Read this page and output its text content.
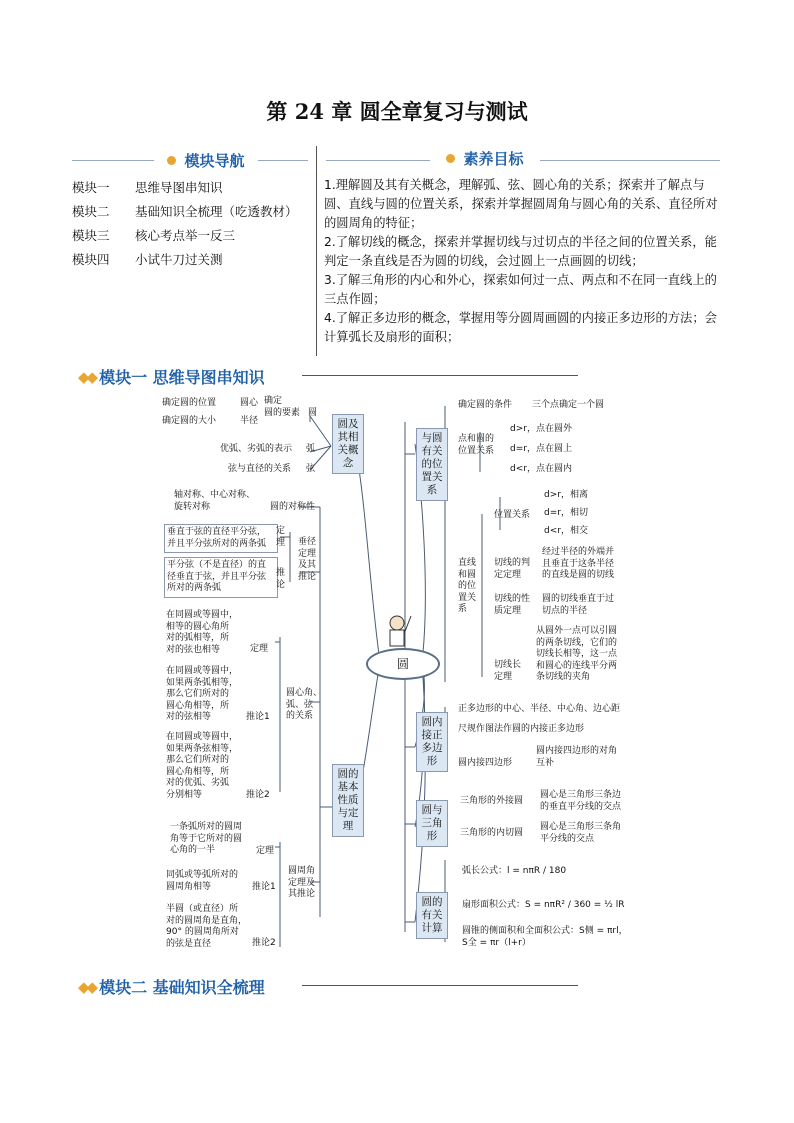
第 24 章 圆全章复习与测试
模块导航
模块一	思维导图串知识
模块二	基础知识全梳理（吃透教材）
模块三	核心考点举一反三
模块四	小试牛刀过关测
素养目标

1.理解圆及其有关概念，理解弧、弦、圆心角的关系；探索并了解点与圆、直线与圆的位置关系，探索并掌握圆周角与圆心角的关系、直径所对的圆周角的特征；

2.了解切线的概念，探索并掌握切线与过切点的半径之间的位置关系，能判定一条直线是否为圆的切线，会过圆上一点画圆的切线；

3.了解三角形的内心和外心，探索如何过一点、两点和不在同一直线上的三点作圆；

4.了解正多边形的概念，掌握用等分圆周画圆的内接正多边形的方法；会计算弧长及扇形的面积；

◆◆ 模块一 思维导图串知识
圆
圆及
其相
关概
念
确定圆的位置	圆心
确定圆的大小	半径
确定
圆的要素 圆
优弧、劣弧的表示 弧
弦与直径的关系 弦
圆的
基本
性质
与定
理
轴对称、中心对称、
旋转对称	圆的对称性
垂直于弦的直径平分弦，
并且平分弦所对的两条弧
定
理
平分弦（不是直径）的直
径垂直于弦，并且平分弦
所对的两条弧
推
论
垂径
定理
及其
推论
在同圆或等圆中，
相等的圆心角所
对的弧相等，所
对的弦也相等	定理
在同圆或等圆中，
如果两条弧相等，
那么它们所对的
圆心角相等，所
对的弦相等	推论1
在同圆或等圆中，
如果两条弦相等，
那么它们所对的
圆心角相等，所
对的优弧、劣弧
分别相等	推论2
圆心角、
弧、弦
的关系
一条弧所对的圆周
角等于它所对的圆
心角的一半	定理
同弧或等弧所对的
圆周角相等	推论1
半圆（或直径）所
对的圆周角是直角，
90° 的圆周角所对
的弦是直径	推论2
圆周角
定理及
其推论
与圆
有关
的位
置关
系
确定圆的条件 三个点确定一个圆
点和圆的
位置关系
d>r，点在圆外
d=r，点在圆上
d<r，点在圆内
直线
和圆
的位
置关
系
位置关系
d>r，相离
d=r，相切
d<r，相交
切线的判
定定理
经过半径的外端并
且垂直于这条半径
的直线是圆的切线
切线的性
质定理
圆的切线垂直于过
切点的半径
切线长
定理
从圆外一点可以引圆
的两条切线，它们的
切线长相等，这一点
和圆心的连线平分两
条切线的夹角
圆内
接正
多边
形
正多边形的中心、半径、中心角、边心距
尺规作图法作圆的内接正多边形
圆内接四边形
圆内接四边形的对角
互补
圆与
三角
形
三角形的外接圆
圆心是三角形三条边
的垂直平分线的交点
三角形的内切圆
圆心是三角形三条角
平分线的交点
圆的
有关
计算
弧长公式：l = nπR / 180
扇形面积公式：S = nπR² / 360 = ½ lR
圆锥的侧面积和全面积公式：S侧 = πrl，
S全 = πr（l+r）
◆◆ 模块二 基础知识全梳理
